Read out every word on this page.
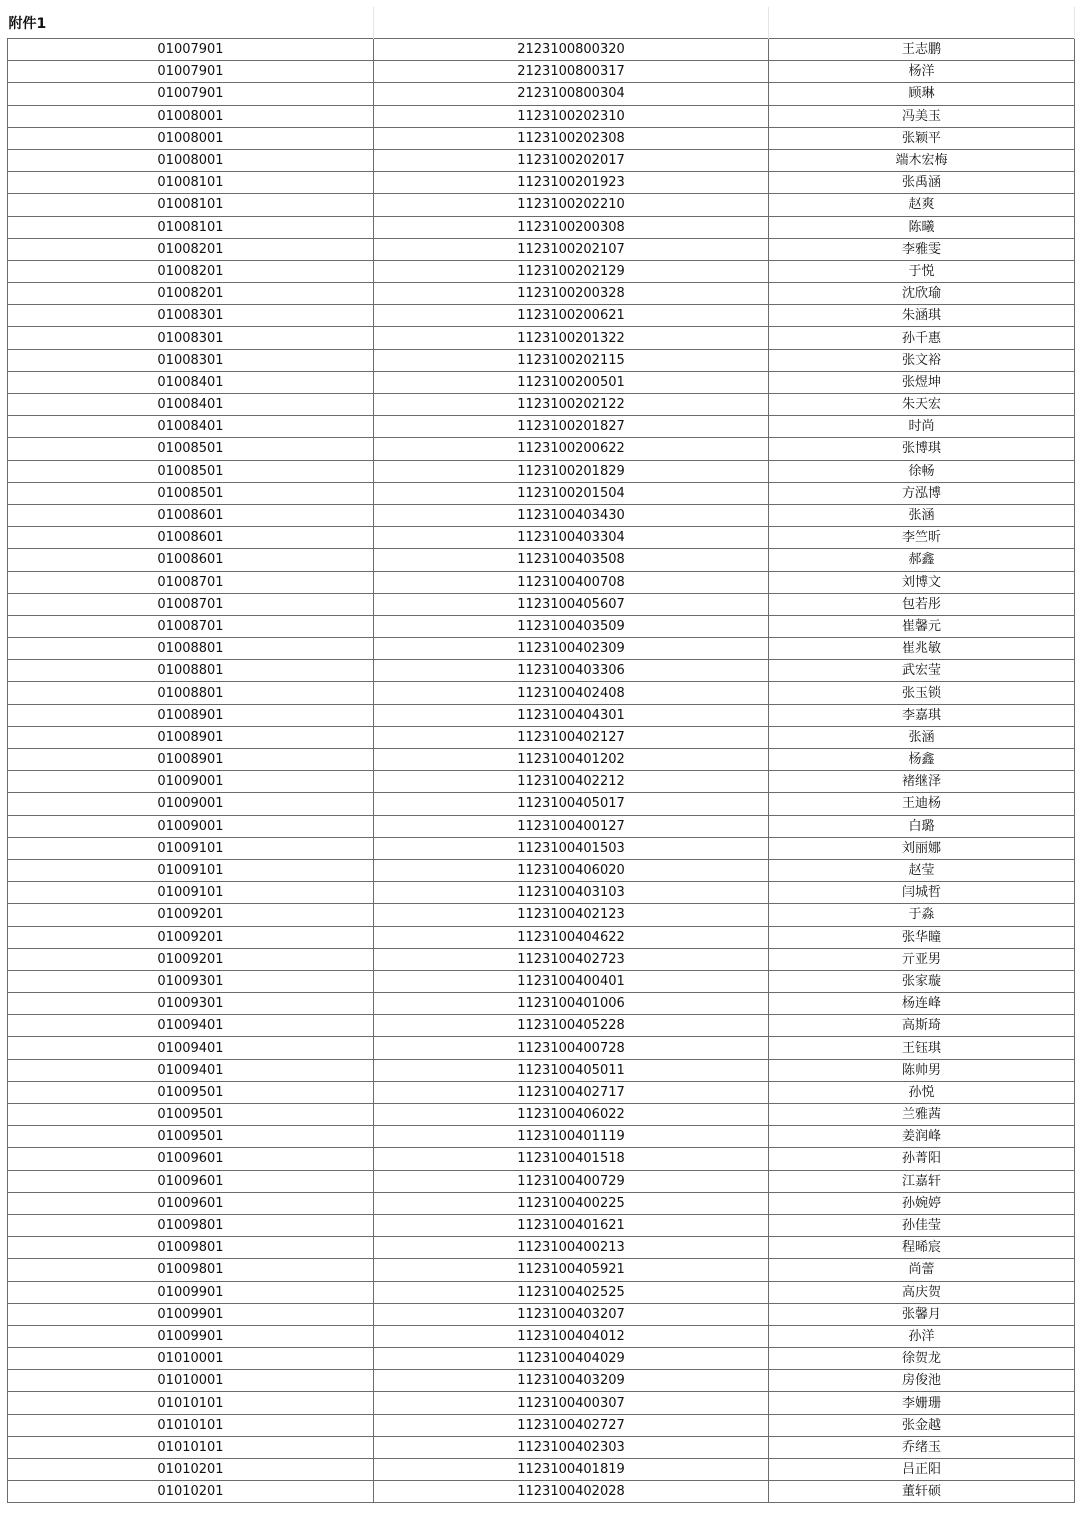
附件1		
01007901	2123100800320	王志鹏
01007901	2123100800317	杨洋
01007901	2123100800304	顾琳
01008001	1123100202310	冯美玉
01008001	1123100202308	张颖平
01008001	1123100202017	端木宏梅
01008101	1123100201923	张禹涵
01008101	1123100202210	赵爽
01008101	1123100200308	陈曦
01008201	1123100202107	李雅雯
01008201	1123100202129	于悦
01008201	1123100200328	沈欣瑜
01008301	1123100200621	朱涵琪
01008301	1123100201322	孙千惠
01008301	1123100202115	张文裕
01008401	1123100200501	张煜坤
01008401	1123100202122	朱天宏
01008401	1123100201827	时尚
01008501	1123100200622	张博琪
01008501	1123100201829	徐畅
01008501	1123100201504	方泓博
01008601	1123100403430	张涵
01008601	1123100403304	李竺昕
01008601	1123100403508	郝鑫
01008701	1123100400708	刘博文
01008701	1123100405607	包若彤
01008701	1123100403509	崔馨元
01008801	1123100402309	崔兆敏
01008801	1123100403306	武宏莹
01008801	1123100402408	张玉锁
01008901	1123100404301	李嘉琪
01008901	1123100402127	张涵
01008901	1123100401202	杨鑫
01009001	1123100402212	褚继泽
01009001	1123100405017	王迪杨
01009001	1123100400127	白璐
01009101	1123100401503	刘丽娜
01009101	1123100406020	赵莹
01009101	1123100403103	闫城哲
01009201	1123100402123	于淼
01009201	1123100404622	张华瞳
01009201	1123100402723	亓亚男
01009301	1123100400401	张家璇
01009301	1123100401006	杨连峰
01009401	1123100405228	高斯琦
01009401	1123100400728	王钰琪
01009401	1123100405011	陈帅男
01009501	1123100402717	孙悦
01009501	1123100406022	兰雅茜
01009501	1123100401119	姜润峰
01009601	1123100401518	孙菁阳
01009601	1123100400729	江嘉轩
01009601	1123100400225	孙婉婷
01009801	1123100401621	孙佳莹
01009801	1123100400213	程晞宸
01009801	1123100405921	尚蕾
01009901	1123100402525	高庆贺
01009901	1123100403207	张馨月
01009901	1123100404012	孙洋
01010001	1123100404029	徐贺龙
01010001	1123100403209	房俊池
01010101	1123100400307	李姗珊
01010101	1123100402727	张金越
01010101	1123100402303	乔绪玉
01010201	1123100401819	吕正阳
01010201	1123100402028	董轩硕
